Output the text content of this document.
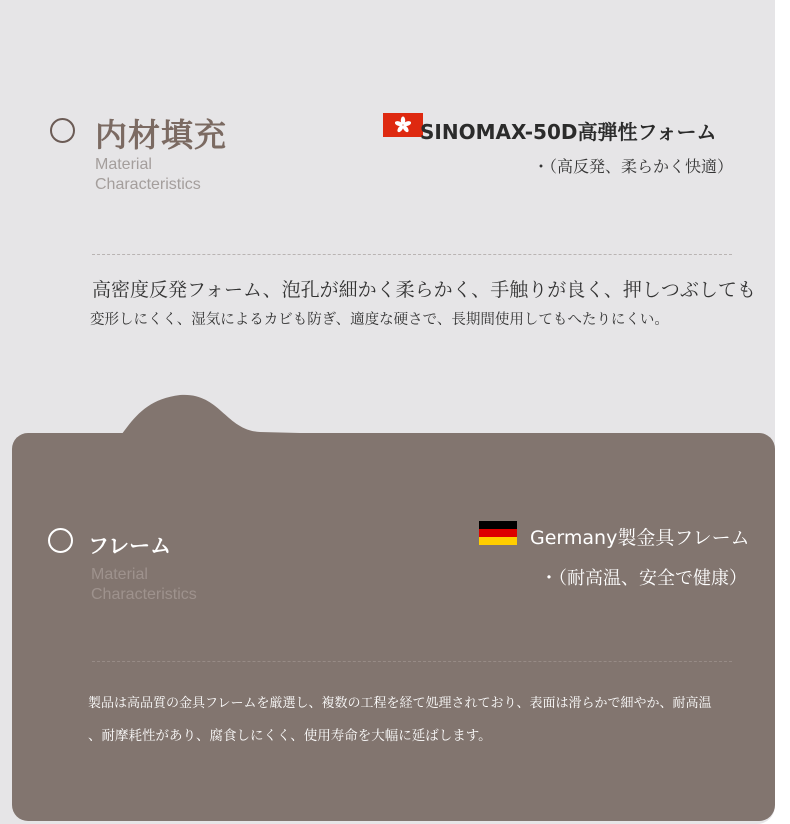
内材填充
Material
Characteristics
SINOMAX-50D高弾性フォーム
・（高反発、柔らかく快適）
高密度反発フォーム、泡孔が細かく柔らかく、手触りが良く、押しつぶしても
変形しにくく、湿気によるカビも防ぎ、適度な硬さで、長期間使用してもへたりにくい。
フレーム
Material
Characteristics
Germany製金具フレーム
・（耐高温、安全で健康）
製品は高品質の金具フレームを厳選し、複数の工程を経て処理されており、表面は滑らかで細やか、耐高温
、耐摩耗性があり、腐食しにくく、使用寿命を大幅に延ばします。
